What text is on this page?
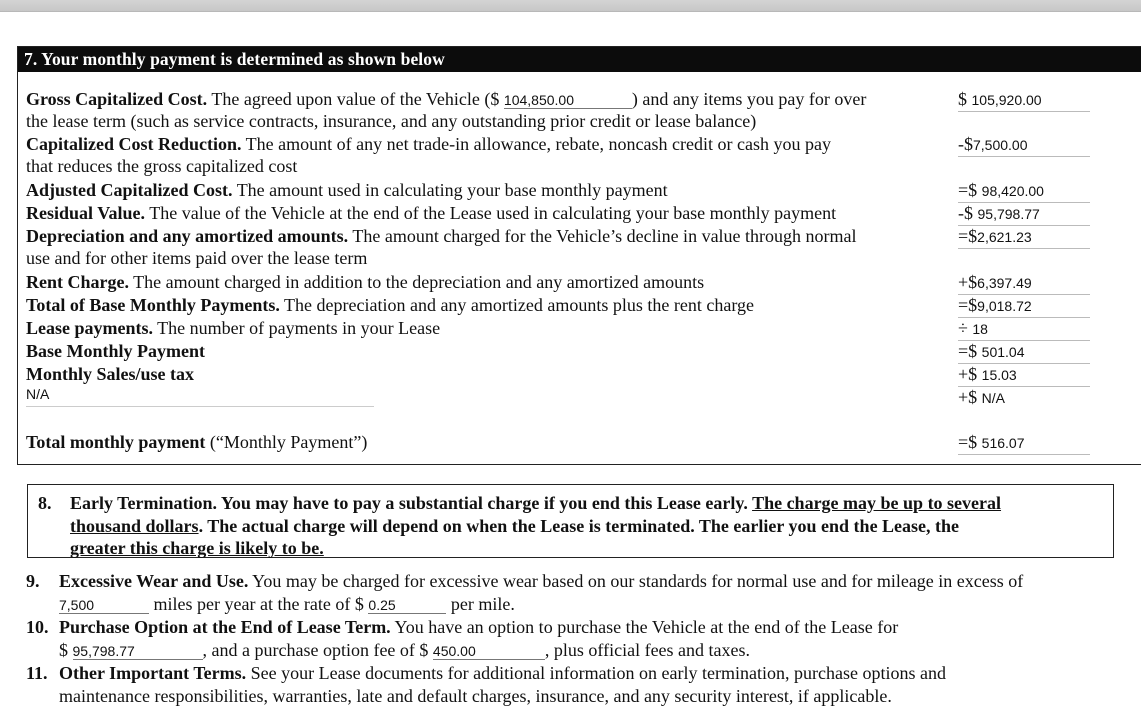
7. Your monthly payment is determined as shown below
Gross Capitalized Cost. The agreed upon value of the Vehicle ($ 104,850.00	) and any items you pay for over
the lease term (such as service contracts, insurance, and any outstanding prior credit or lease balance)
$ 105,920.00
Capitalized Cost Reduction. The amount of any net trade-in allowance, rebate, noncash credit or cash you pay
that reduces the gross capitalized cost
-$7,500.00
Adjusted Capitalized Cost. The amount used in calculating your base monthly payment	=$ 98,420.00
Residual Value. The value of the Vehicle at the end of the Lease used in calculating your base monthly payment	-$ 95,798.77
Depreciation and any amortized amounts. The amount charged for the Vehicle’s decline in value through normal
use and for other items paid over the lease term
=$2,621.23
Rent Charge. The amount charged in addition to the depreciation and any amortized amounts	+$6,397.49
Total of Base Monthly Payments. The depreciation and any amortized amounts plus the rent charge	=$9,018.72
Lease payments. The number of payments in your Lease	÷ 18
Base Monthly Payment	=$ 501.04
Monthly Sales/use tax	+$ 15.03
N/A	+$ N/A
Total monthly payment (“Monthly Payment”)	=$ 516.07
8. Early Termination. You may have to pay a substantial charge if you end this Lease early. The charge may be up to several
thousand dollars. The actual charge will depend on when the Lease is terminated. The earlier you end the Lease, the
greater this charge is likely to be.
9. Excessive Wear and Use. You may be charged for excessive wear based on our standards for normal use and for mileage in excess of
7,500	miles per year at the rate of $ 0.25	per mile.
10. Purchase Option at the End of Lease Term. You have an option to purchase the Vehicle at the end of the Lease for
$ 95,798.77	, and a purchase option fee of $ 450.00	, plus official fees and taxes.
11. Other Important Terms. See your Lease documents for additional information on early termination, purchase options and
maintenance responsibilities, warranties, late and default charges, insurance, and any security interest, if applicable.
